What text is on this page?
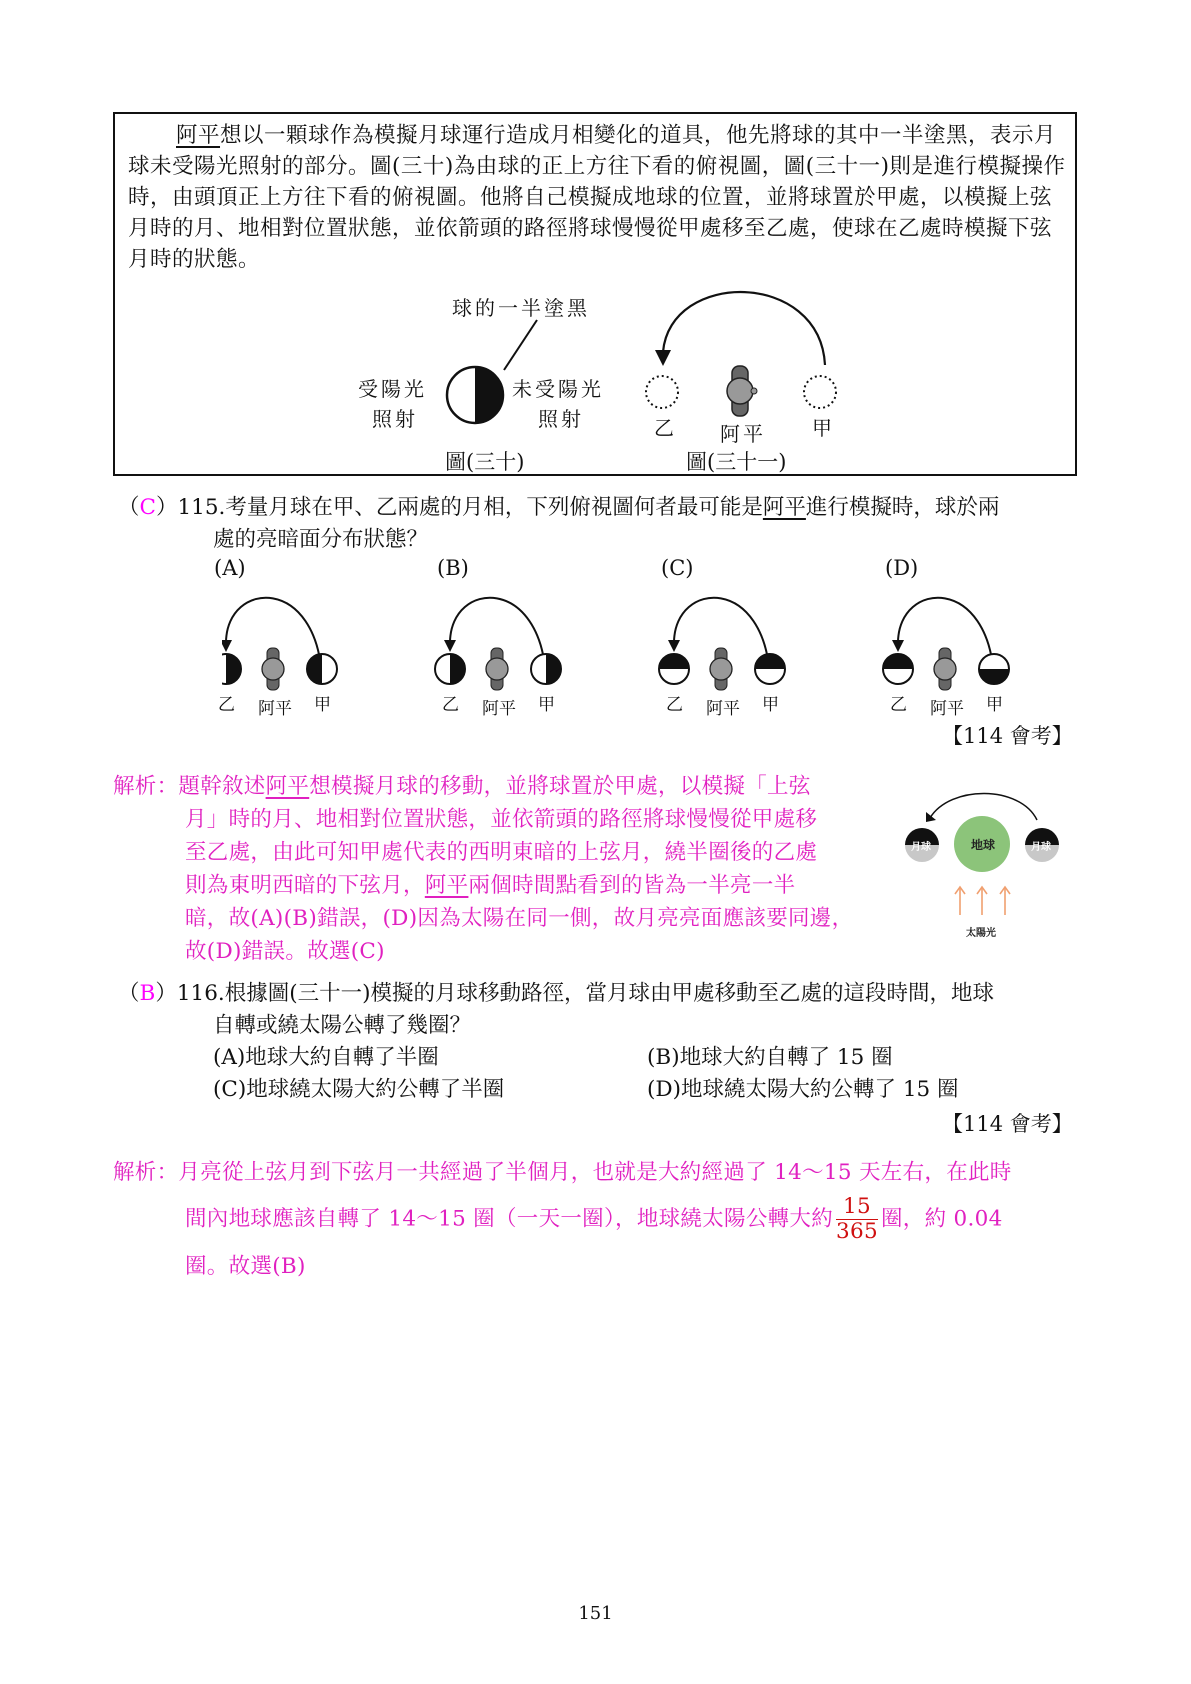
阿平想以一顆球作為模擬月球運行造成月相變化的道具，他先將球的其中一半塗黑，表示月球未受陽光照射的部分。圖(三十)為由球的正上方往下看的俯視圖，圖(三十一)則是進行模擬操作時，由頭頂正上方往下看的俯視圖。他將自己模擬成地球的位置，並將球置於甲處，以模擬上弦月時的月、地相對位置狀態，並依箭頭的路徑將球慢慢從甲處移至乙處，使球在乙處時模擬下弦月時的狀態。
球的一半塗黑
受陽光
照射
未受陽光
照射
圖(三十)
乙 阿平 甲
圖(三十一)
（C）115.考量月球在甲、乙兩處的月相，下列俯視圖何者最可能是阿平進行模擬時，球於兩
處的亮暗面分布狀態？
(A)	(B)	(C)	(D)
乙 阿平 甲	乙 阿平 甲	乙 阿平 甲	乙 阿平 甲
【114 會考】
解析：題幹敘述阿平想模擬月球的移動，並將球置於甲處，以模擬「上弦
月」時的月、地相對位置狀態，並依箭頭的路徑將球慢慢從甲處移
至乙處，由此可知甲處代表的西明東暗的上弦月，繞半圈後的乙處
則為東明西暗的下弦月，阿平兩個時間點看到的皆為一半亮一半
暗，故(A)(B)錯誤，(D)因為太陽在同一側，故月亮亮面應該要同邊，
故(D)錯誤。故選(C)
月球	月球
地球
太陽光
（B）116.根據圖(三十一)模擬的月球移動路徑，當月球由甲處移動至乙處的這段時間，地球
自轉或繞太陽公轉了幾圈？
(A)地球大約自轉了半圈	(B)地球大約自轉了 15 圈
(C)地球繞太陽大約公轉了半圈	(D)地球繞太陽大約公轉了 15 圈
【114 會考】
解析：月亮從上弦月到下弦月一共經過了半個月，也就是大約經過了 14～15 天左右，在此時
間內地球應該自轉了 14～15 圈（一天一圈），地球繞太陽公轉大約 $\frac{15}{365}$ 圈，約 0.04
圈。故選(B)
151
